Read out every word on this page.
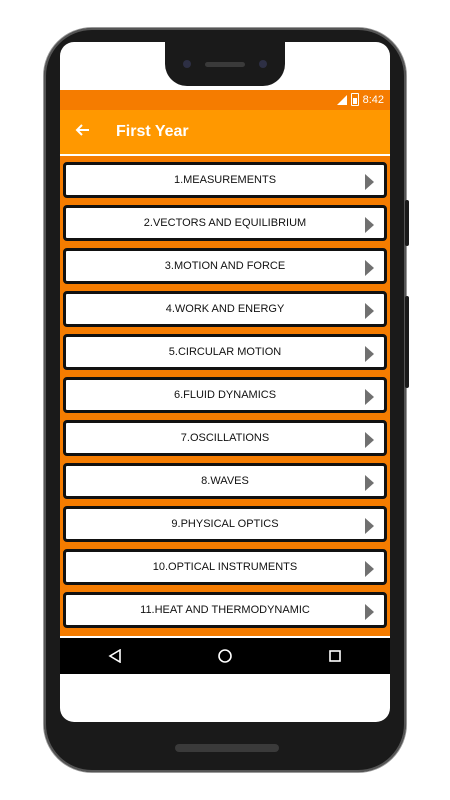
8:42
First Year
1.MEASUREMENTS
2.VECTORS AND EQUILIBRIUM
3.MOTION AND FORCE
4.WORK AND ENERGY
5.CIRCULAR MOTION
6.FLUID DYNAMICS
7.OSCILLATIONS
8.WAVES
9.PHYSICAL OPTICS
10.OPTICAL INSTRUMENTS
11.HEAT AND THERMODYNAMIC
